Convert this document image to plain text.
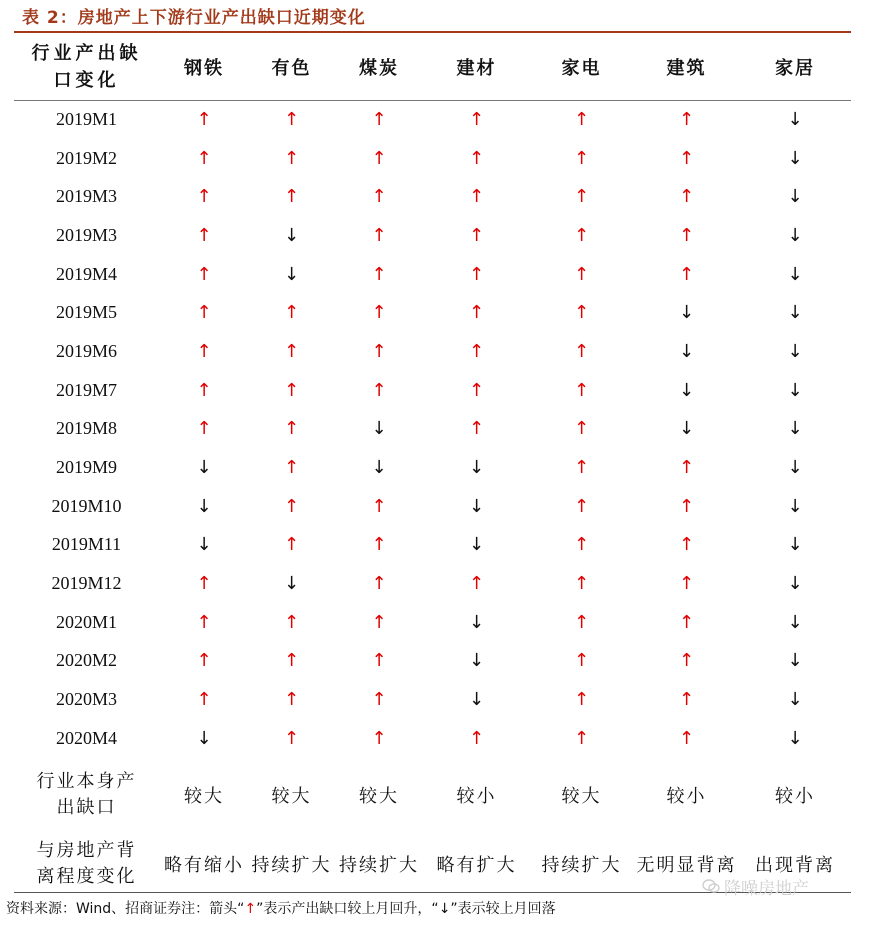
表 2：房地产上下游行业产出缺口近期变化
行业产出缺
口变化	钢铁	有色	煤炭	建材	家电	建筑	家居
2019M1	↑	↑	↑	↑	↑	↑	↓
2019M2	↑	↑	↑	↑	↑	↑	↓
2019M3	↑	↑	↑	↑	↑	↑	↓
2019M3	↑	↓	↑	↑	↑	↑	↓
2019M4	↑	↓	↑	↑	↑	↑	↓
2019M5	↑	↑	↑	↑	↑	↓	↓
2019M6	↑	↑	↑	↑	↑	↓	↓
2019M7	↑	↑	↑	↑	↑	↓	↓
2019M8	↑	↑	↓	↑	↑	↓	↓
2019M9	↓	↑	↓	↓	↑	↑	↓
2019M10	↓	↑	↑	↓	↑	↑	↓
2019M11	↓	↑	↑	↓	↑	↑	↓
2019M12	↑	↓	↑	↑	↑	↑	↓
2020M1	↑	↑	↑	↓	↑	↑	↓
2020M2	↑	↑	↑	↓	↑	↑	↓
2020M3	↑	↑	↑	↓	↑	↑	↓
2020M4	↓	↑	↑	↑	↑	↑	↓
行业本身产
出缺口	较大	较大	较大	较小	较大	较小	较小
与房地产背
离程度变化	略有缩小	持续扩大	持续扩大	略有扩大	持续扩大	无明显背离	出现背离
降噪房地产
资料来源：Wind、招商证券注：箭头“↑”表示产出缺口较上月回升，“↓”表示较上月回落
